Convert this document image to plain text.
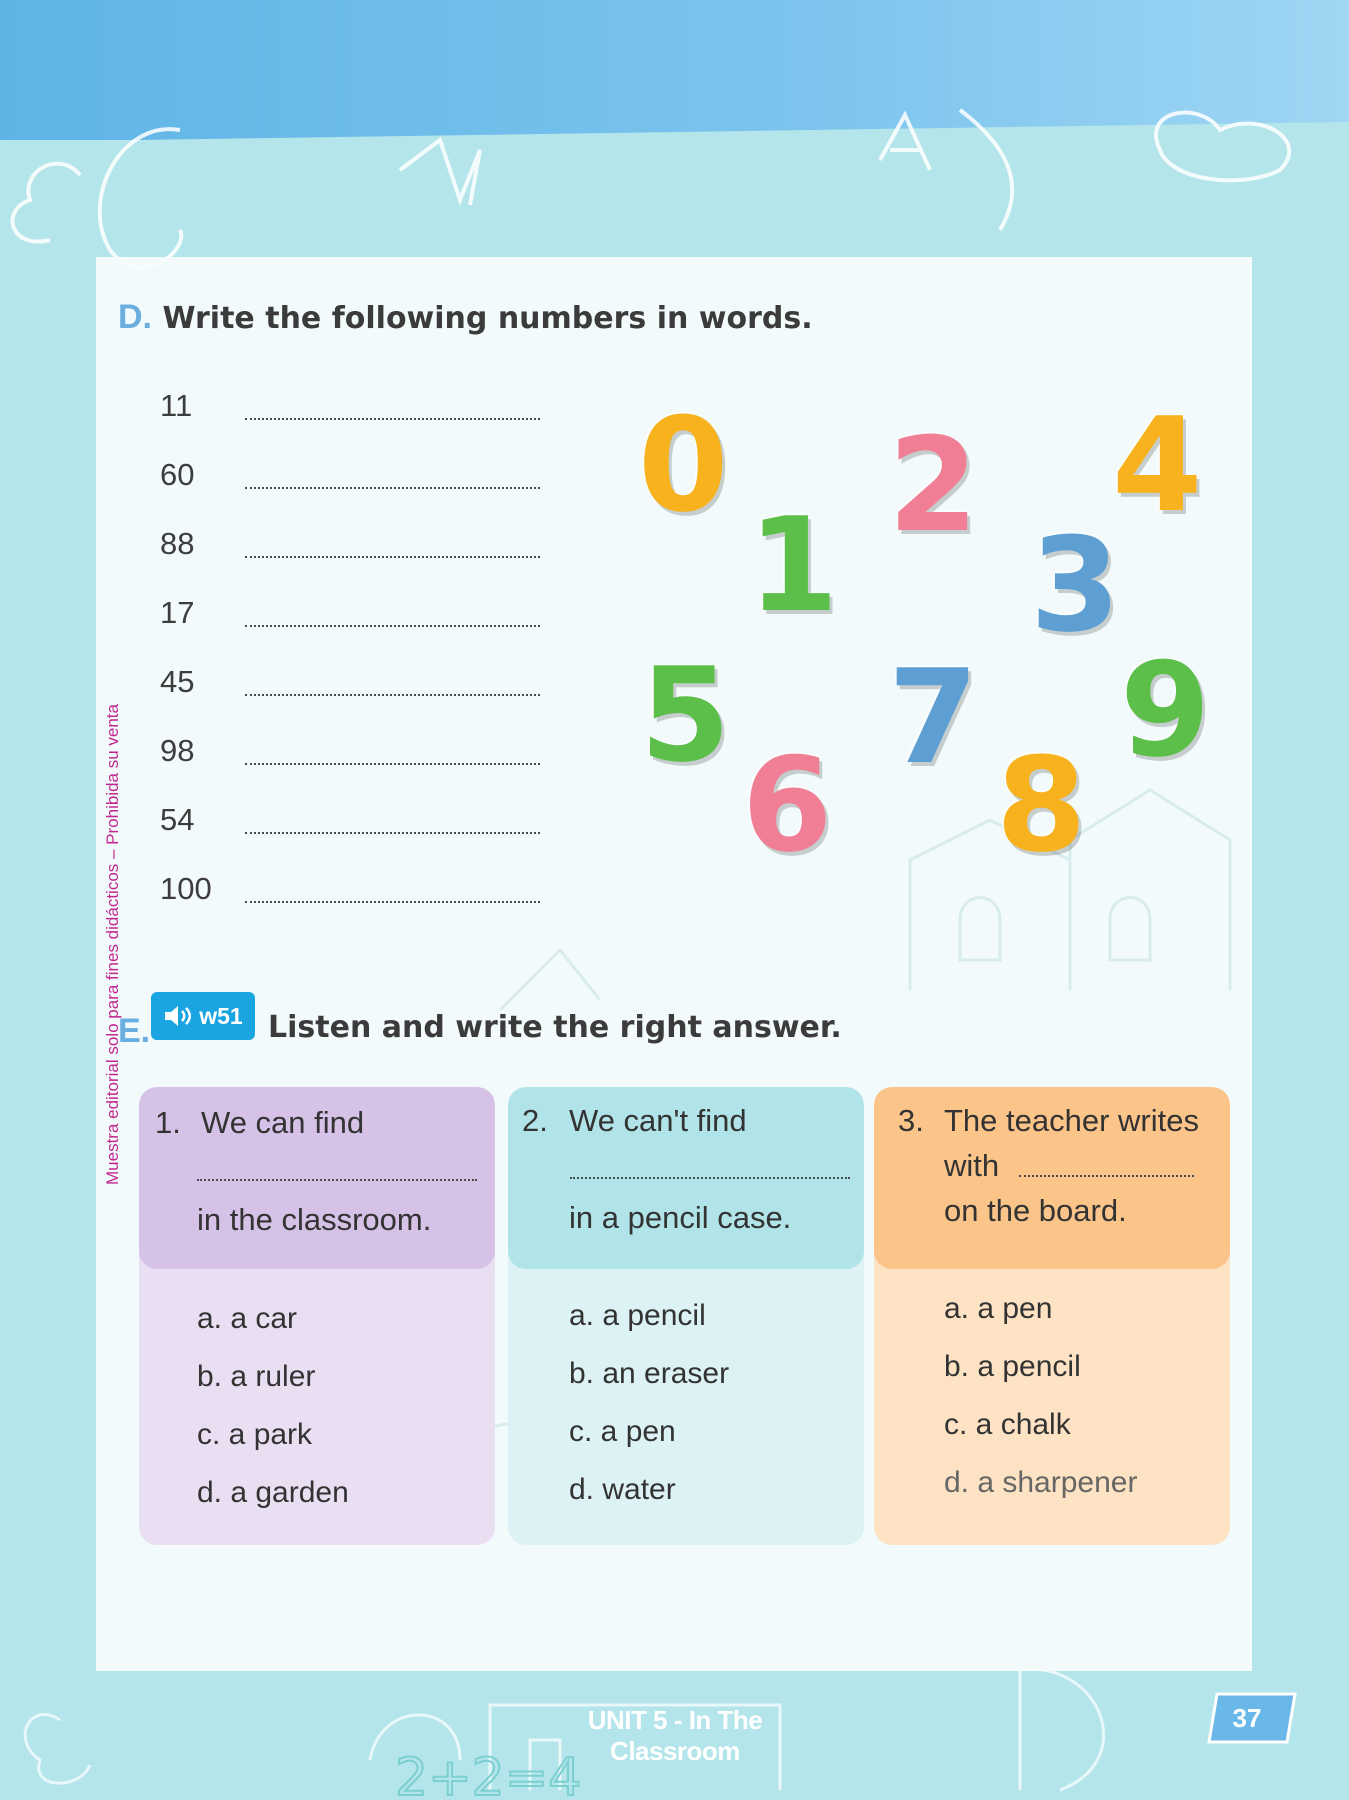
2+2=4
Muestra editorial solo para fines didácticos – Prohibida su venta
D. Write the following numbers in words.
11
60
88
17
45
98
54
100
0
1
2
3
4
5
6
7
8
9
E. w51 Listen and write the right answer.
1. We can find
in the classroom.
a. a car
b. a ruler
c. a park
d. a garden
2. We can't find
in a pencil case.
a. a pencil
b. an eraser
c. a pen
d. water
3. The teacher writes
with
on the board.
a. a pen
b. a pencil
c. a chalk
d. a sharpener
UNIT 5 - In The Classroom
37
